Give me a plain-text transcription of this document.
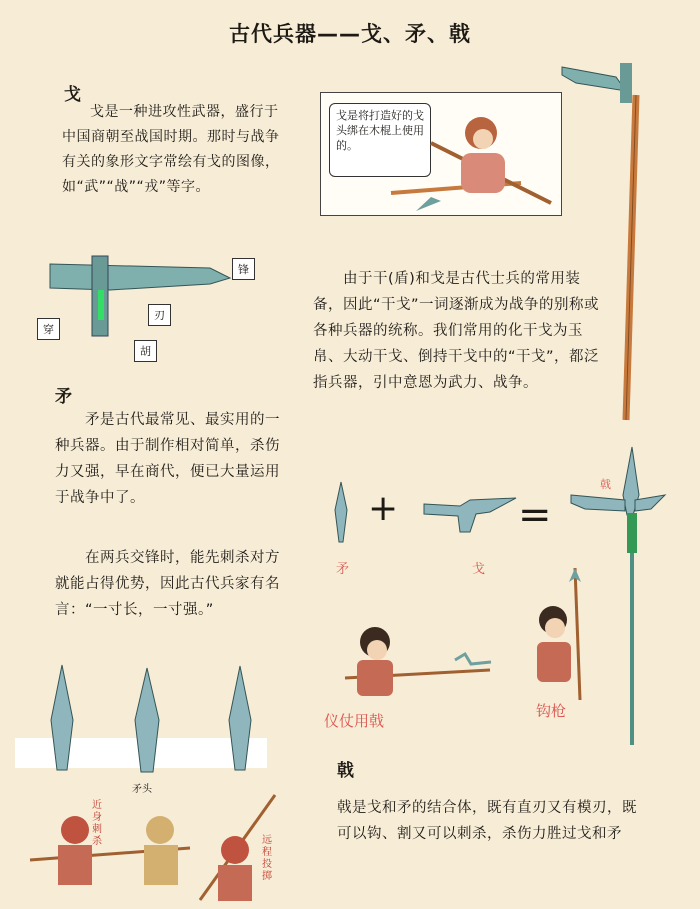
古代兵器——戈、矛、戟
戈
戈是一种进攻性武器，盛行于中国商朝至战国时期。那时与战争有关的象形文字常绘有戈的图像，如“武”“战”“戎”等字。
戈是将打造好的戈头绑在木棍上使用的。
锋
刃
穿
胡
由于干(盾)和戈是古代士兵的常用装备，因此“干戈”一词逐渐成为战争的别称或各种兵器的统称。我们常用的化干戈为玉帛、大动干戈、倒持干戈中的“干戈”，都泛指兵器，引中意恩为武力、战争。
矛
矛是古代最常见、最实用的一种兵器。由于制作相对简单，杀伤力又强，早在商代，便已大量运用于战争中了。
在两兵交锋时，能先刺杀对方就能占得优势，因此古代兵家有名言：“一寸长，一寸强。”
矛头
近身刺杀	远程投掷
+	=
矛	戈
戟
仪仗用戟
钩枪
戟
戟是戈和矛的结合体，既有直刃又有模刃，既可以钩、割又可以刺杀，杀伤力胜过戈和矛
